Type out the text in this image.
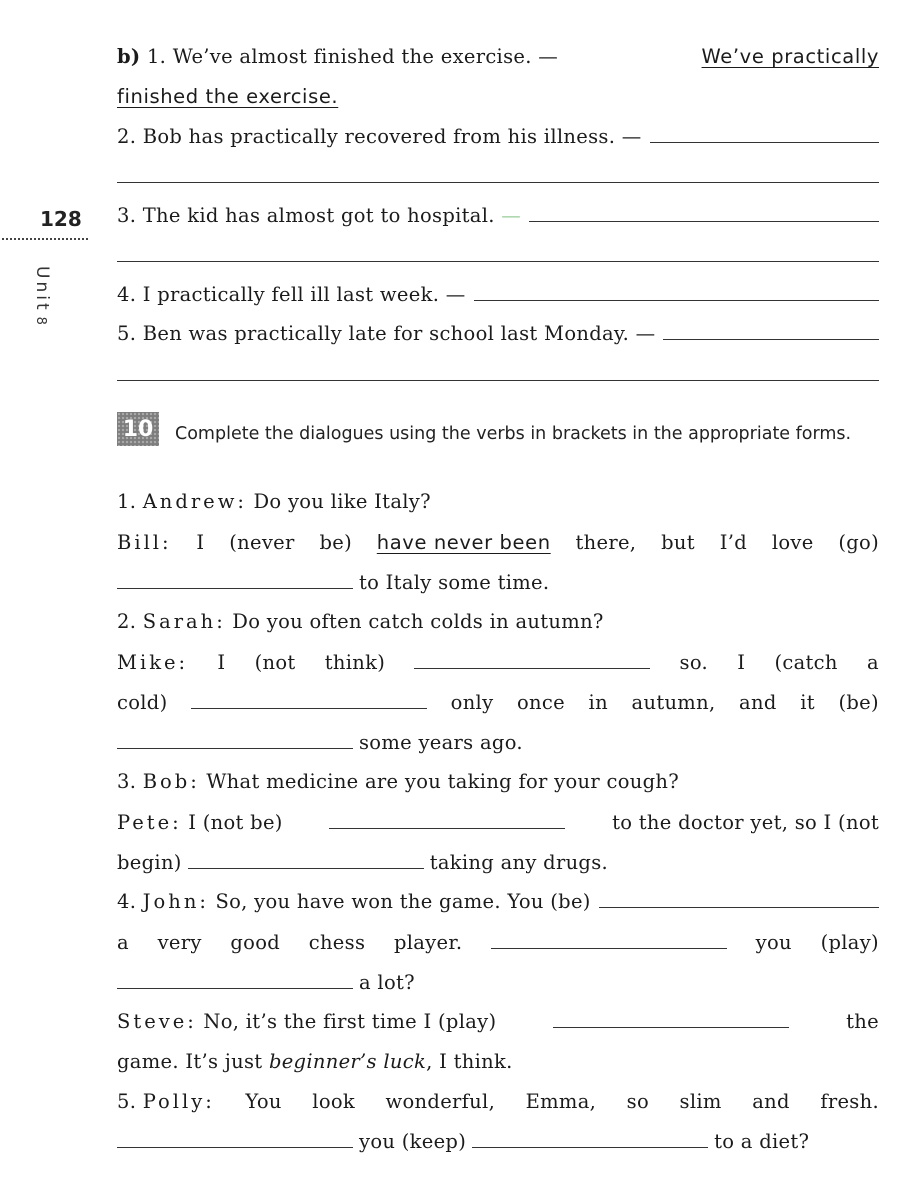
128
Unit8
b) 1. We’ve almost finished the exercise. —	We’ve practically
finished the exercise.
2.
Bob has practically recovered from his illness.
—
3.
The kid has almost got to hospital.
—
4.
I practically fell ill last week.
—
5.
Ben was practically late for school last Monday.
—
10	Complete the dialogues using the verbs in brackets in the appropriate forms.
1.
Andrew:
Do you like Italy?
Bill: I (never be) have never been there, but I’d love (go)
to Italy some time.
2.
Sarah:
Do you often catch colds in autumn?
Mike: I (not think)	so. I (catch a
cold)	only once in autumn, and it (be)
some years ago.
3.
Bob:
What medicine are you taking for your cough?
Pete: I (not be)	to the doctor yet, so I (not
begin)	taking any drugs.
4.
John:
So, you have won the game. You (be)
a very good chess player.	you (play)
a lot?
Steve: No, it’s the first time I (play)	the
game. It’s just beginner’s luck , I think.
5. Polly: You look wonderful, Emma, so slim and fresh.
you (keep)	to a diet?
